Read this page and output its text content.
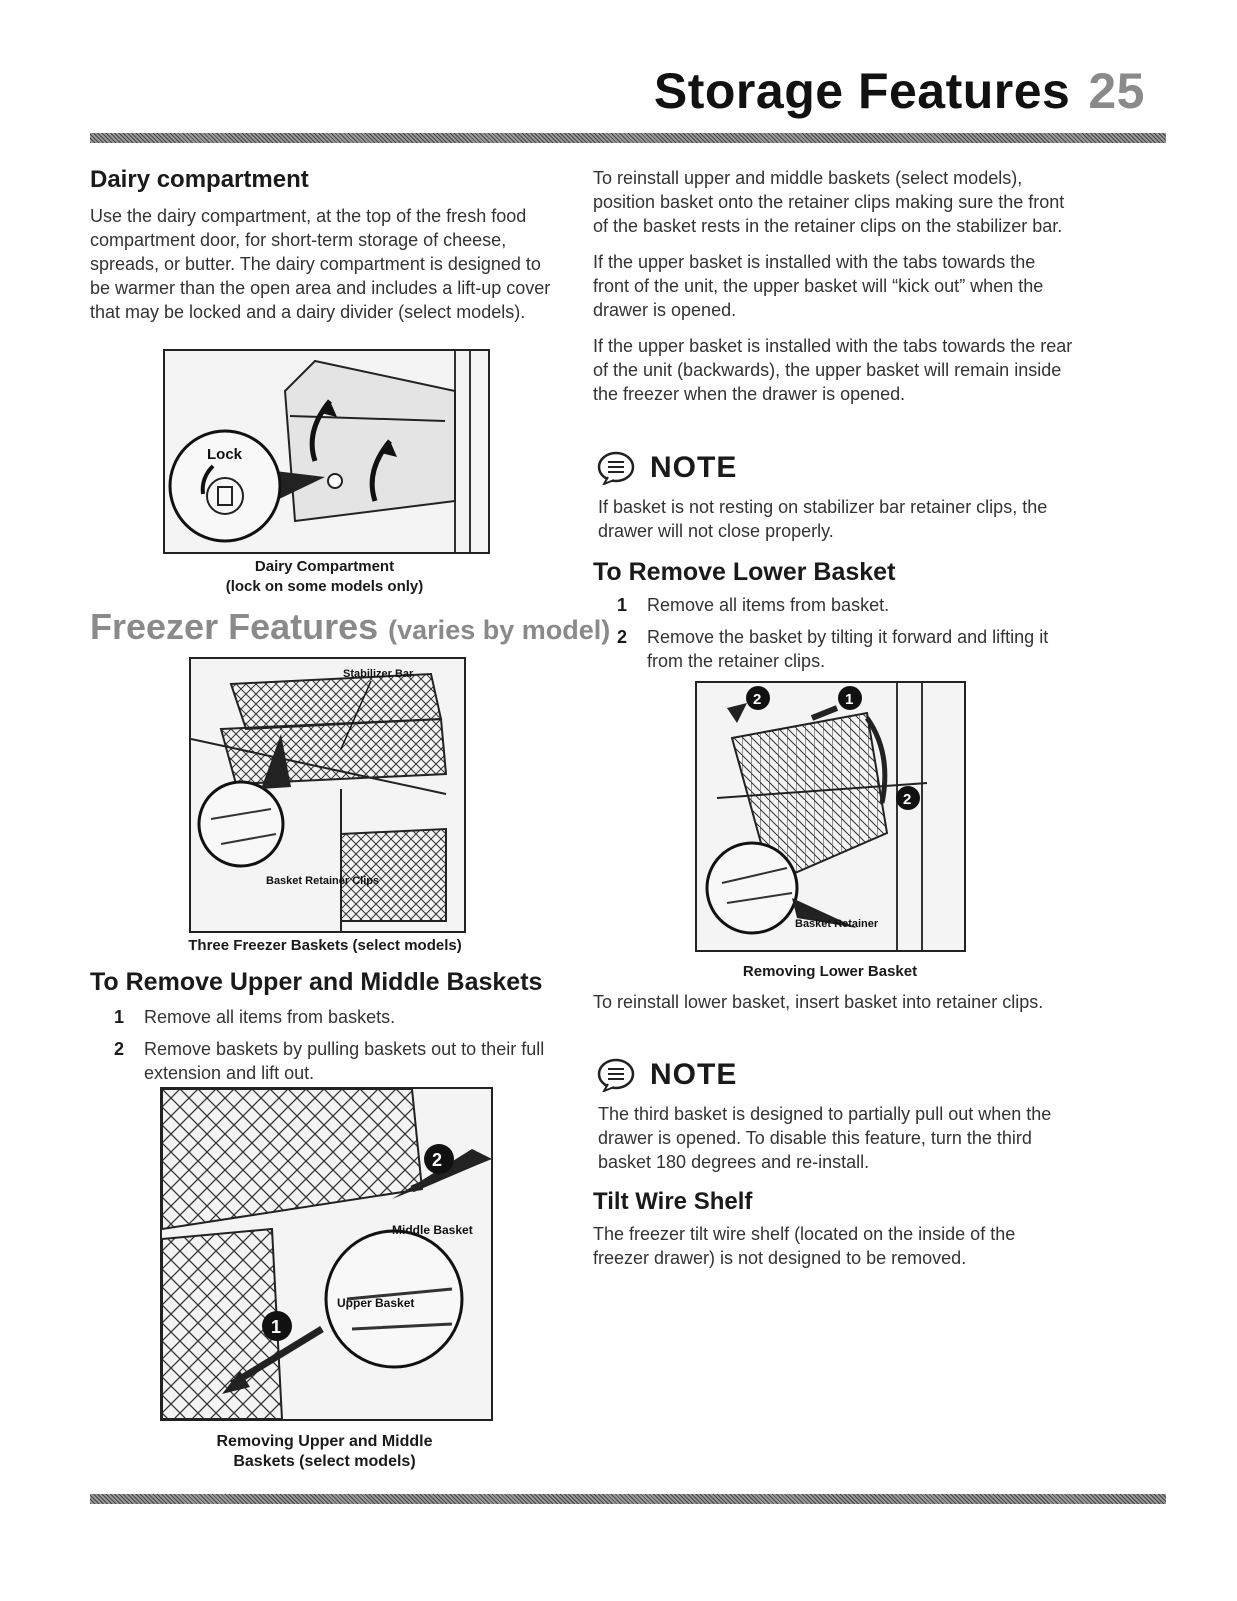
Storage Features 25
Dairy compartment

Use the dairy compartment, at the top of the fresh food compartment door, for short-term storage of cheese, spreads, or butter. The dairy compartment is designed to be warmer than the open area and includes a lift-up cover that may be locked and a dairy divider (select models).

Lock
Dairy Compartment
(lock on some models only)
Freezer Features (varies by model)
Stabilizer Bar
Basket Retainer Clips
Three Freezer Baskets (select models)
To Remove Upper and Middle Baskets
1	Remove all items from baskets.
2	Remove baskets by pulling baskets out to their full extension and lift out.
2
Middle Basket
Upper Basket
1
Removing Upper and Middle
Baskets (select models)

To reinstall upper and middle baskets (select models), position basket onto the retainer clips making sure the front of the basket rests in the retainer clips on the stabilizer bar.

If the upper basket is installed with the tabs towards the front of the unit, the upper basket will “kick out” when the drawer is opened.

If the upper basket is installed with the tabs towards the rear of the unit (backwards), the upper basket will remain inside the freezer when the drawer is opened.

NOTE

If basket is not resting on stabilizer bar retainer clips, the drawer will not close properly.

To Remove Lower Basket
1	Remove all items from basket.
2	Remove the basket by tilting it forward and lifting it from the retainer clips.
2	1
2
Basket Retainer
Removing Lower Basket

To reinstall lower basket, insert basket into retainer clips.

NOTE

The third basket is designed to partially pull out when the drawer is opened. To disable this feature, turn the third basket 180 degrees and re-install.

Tilt Wire Shelf

The freezer tilt wire shelf (located on the inside of the freezer drawer) is not designed to be removed.
